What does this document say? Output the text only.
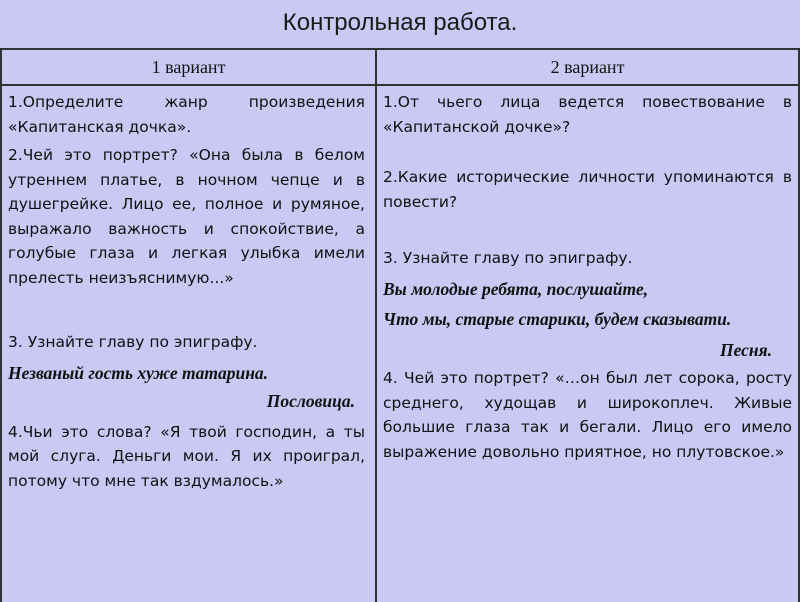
Контрольная работа.
1 вариант	2 вариант

1.Определите жанр произведения «Капитанская дочка».

2.Чей это портрет? «Она была в белом утреннем платье, в ночном чепце и в душегрейке. Лицо ее, полное и румяное, выражало важность и спокойствие, а голубые глаза и легкая улыбка имели прелесть неизъяснимую...»

3. Узнайте главу по эпиграфу.

Незваный гость хуже татарина.

Пословица.

4.Чьи это слова? «Я твой господин, а ты мой слуга. Деньги мои. Я их проиграл, потому что мне так вздумалось.»

1.От чьего лица ведется повествование в «Капитанской дочке»?

2.Какие исторические личности упоминаются в повести?

3. Узнайте главу по эпиграфу.

Вы молодые ребята, послушайте,

Что мы, старые старики, будем сказывати.

Песня.

4. Чей это портрет? «…он был лет сорока, росту среднего, худощав и широкоплеч. Живые большие глаза так и бегали. Лицо его имело выражение довольно приятное, но плутовское.»
